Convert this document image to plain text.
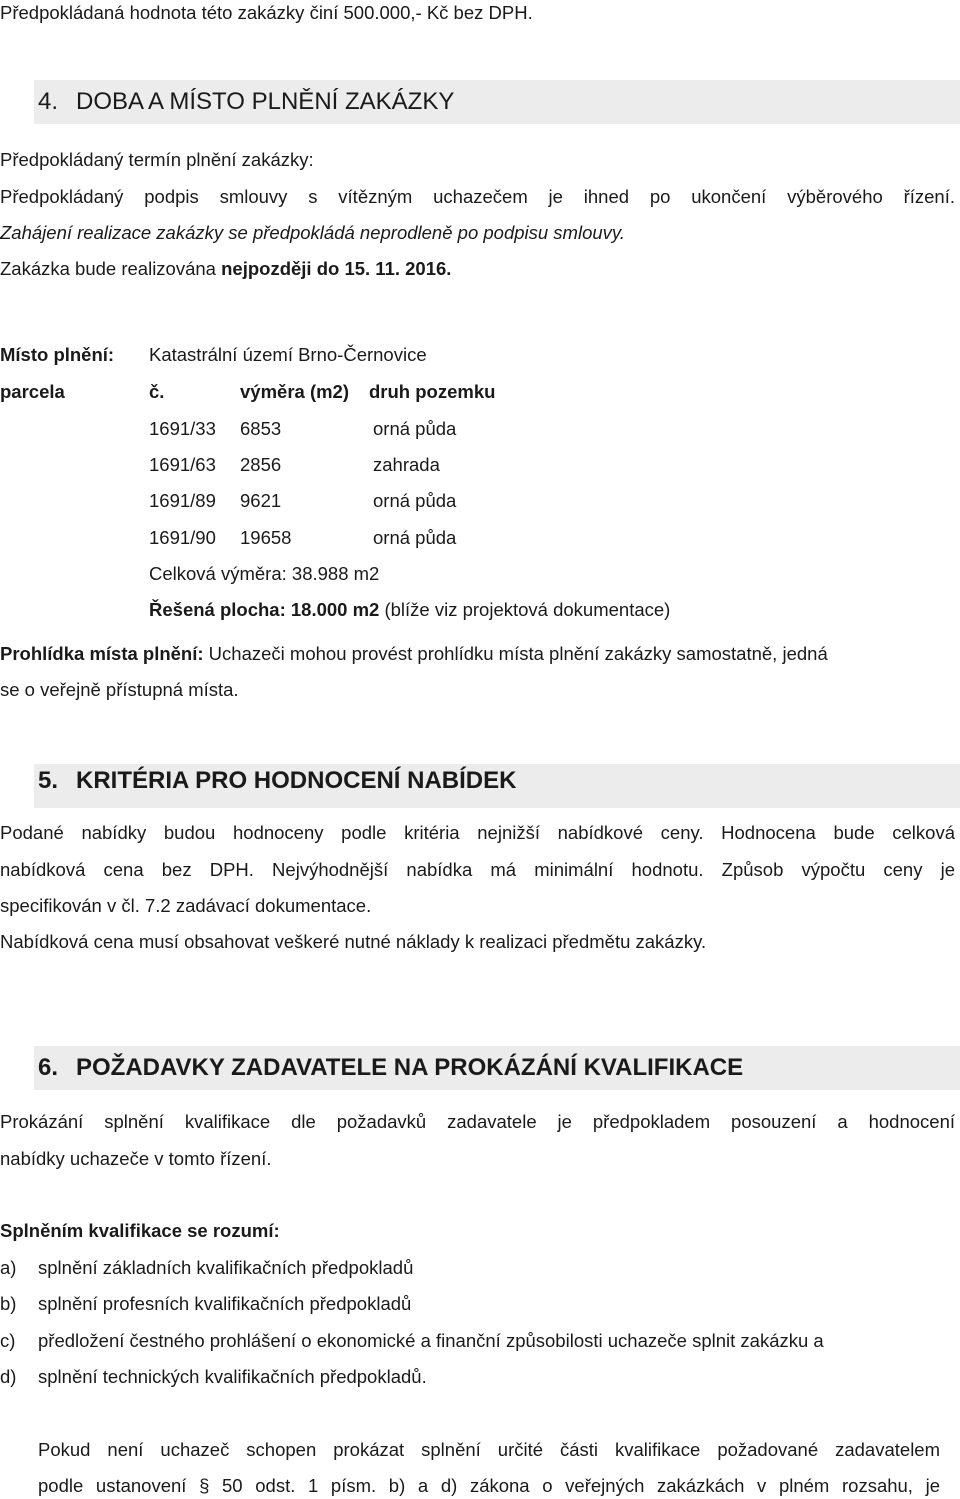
Předpokládaná hodnota této zakázky činí 500.000,- Kč bez DPH.
4. DOBA A MÍSTO PLNĚNÍ ZAKÁZKY
Předpokládaný termín plnění zakázky:
Předpokládaný podpis smlouvy s vítězným uchazečem je ihned po ukončení výběrového řízení.
Zahájení realizace zakázky se předpokládá neprodleně po podpisu smlouvy.
Zakázka bude realizována nejpozději do 15. 11. 2016.
Místo plnění: Katastrální území Brno-Černovice
parcela	č.	výměra (m2) druh pozemku
1691/33 6853	orná půda
1691/63 2856	zahrada
1691/89 9621	orná půda
1691/90 19658	orná půda
Celková výměra: 38.988 m2
Řešená plocha: 18.000 m2 (blíže viz projektová dokumentace)
Prohlídka místa plnění: Uchazeči mohou provést prohlídku místa plnění zakázky samostatně, jedná
se o veřejně přístupná místa.
5. KRITÉRIA PRO HODNOCENÍ NABÍDEK
Podané nabídky budou hodnoceny podle kritéria nejnižší nabídkové ceny. Hodnocena bude celková
nabídková cena bez DPH. Nejvýhodnější nabídka má minimální hodnotu. Způsob výpočtu ceny je
specifikován v čl. 7.2 zadávací dokumentace.
Nabídková cena musí obsahovat veškeré nutné náklady k realizaci předmětu zakázky.
6. POŽADAVKY ZADAVATELE NA PROKÁZÁNÍ KVALIFIKACE
Prokázání splnění kvalifikace dle požadavků zadavatele je předpokladem posouzení a hodnocení
nabídky uchazeče v tomto řízení.
Splněním kvalifikace se rozumí:
a) splnění základních kvalifikačních předpokladů
b) splnění profesních kvalifikačních předpokladů
c) předložení čestného prohlášení o ekonomické a finanční způsobilosti uchazeče splnit zakázku a
d) splnění technických kvalifikačních předpokladů.
Pokud není uchazeč schopen prokázat splnění určité části kvalifikace požadované zadavatelem
podle ustanovení § 50 odst. 1 písm. b) a d) zákona o veřejných zakázkách v plném rozsahu, je
